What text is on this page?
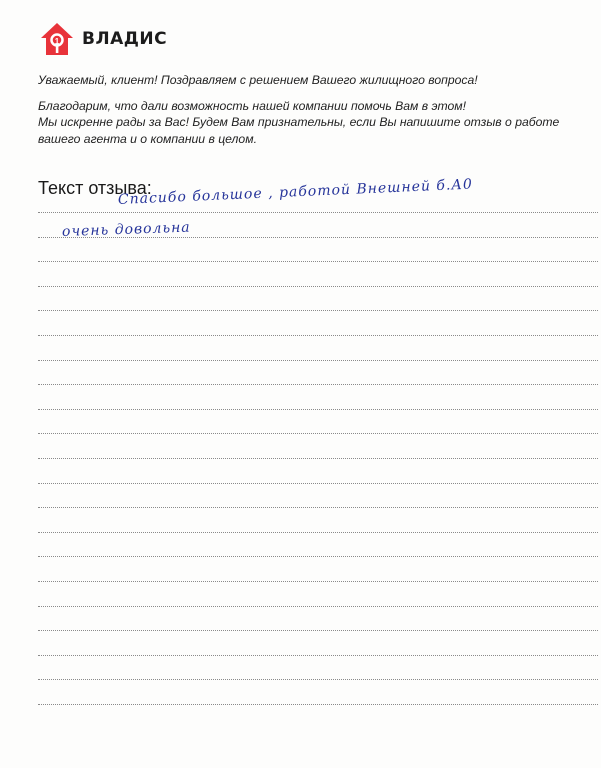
1 ВЛАДИС

Уважаемый, клиент! Поздравляем с решением Вашего жилищного вопроса!

Благодарим, что дали возможность нашей компании помочь Вам в этом!

Мы искренне рады за Вас! Будем Вам признательны, если Вы напишите отзыв о работе

вашего агента и о компании в целом.

Текст отзыва:
Спасибо большое , работой Внешней б.А0
очень довольна
